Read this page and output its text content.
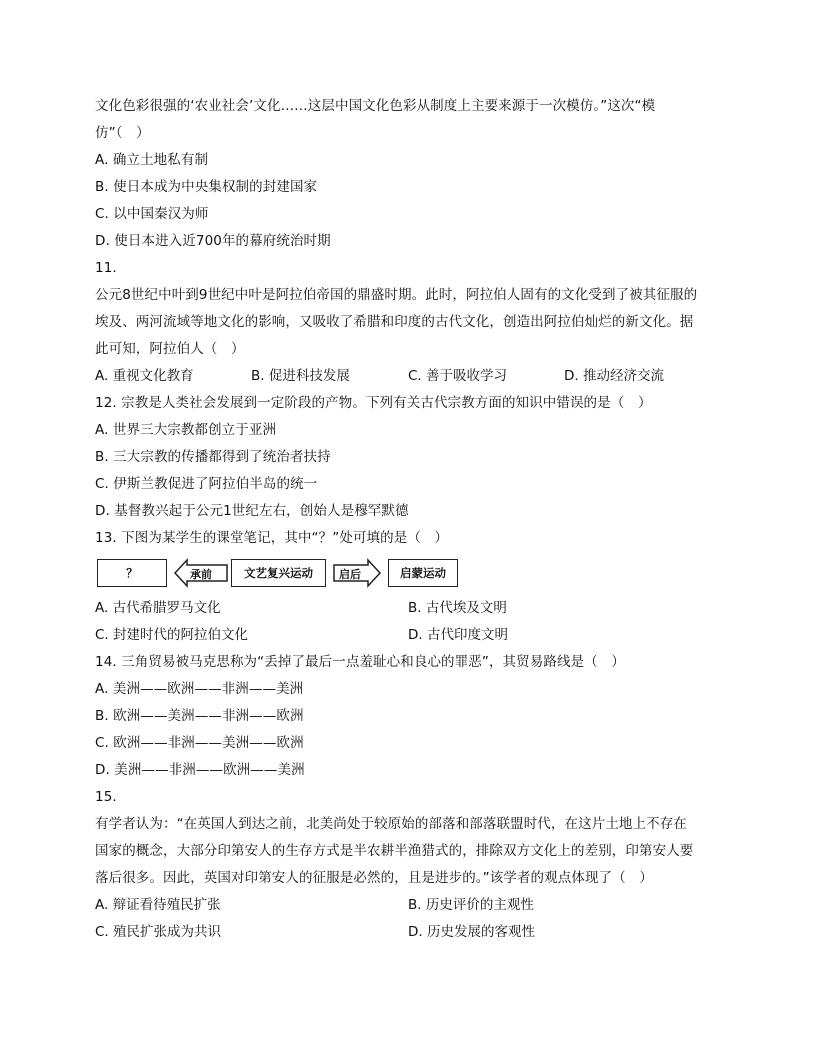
文化色彩很强的‘农业社会’文化……这层中国文化色彩从制度上主要来源于一次模仿。”这次“模
仿”（　）
A. 确立土地私有制
B. 使日本成为中央集权制的封建国家
C. 以中国秦汉为师
D. 使日本进入近700年的幕府统治时期
11.
公元8世纪中叶到9世纪中叶是阿拉伯帝国的鼎盛时期。此时，阿拉伯人固有的文化受到了被其征服的
埃及、两河流域等地文化的影响，又吸收了希腊和印度的古代文化，创造出阿拉伯灿烂的新文化。据
此可知，阿拉伯人（　）
A. 重视文化教育	B. 促进科技发展	C. 善于吸收学习	D. 推动经济交流
12. 宗教是人类社会发展到一定阶段的产物。下列有关古代宗教方面的知识中错误的是（　）
A. 世界三大宗教都创立于亚洲
B. 三大宗教的传播都得到了统治者扶持
C. 伊斯兰教促进了阿拉伯半岛的统一
D. 基督教兴起于公元1世纪左右，创始人是穆罕默德
13. 下图为某学生的课堂笔记，其中“？”处可填的是（　）
？	承前	文艺复兴运动	启后	启蒙运动
A. 古代希腊罗马文化	B. 古代埃及文明
C. 封建时代的阿拉伯文化	D. 古代印度文明
14. 三角贸易被马克思称为“丢掉了最后一点羞耻心和良心的罪恶”，其贸易路线是（　）
A. 美洲——欧洲——非洲——美洲
B. 欧洲——美洲——非洲——欧洲
C. 欧洲——非洲——美洲——欧洲
D. 美洲——非洲——欧洲——美洲
15.
有学者认为：“在英国人到达之前，北美尚处于较原始的部落和部落联盟时代，在这片土地上不存在
国家的概念，大部分印第安人的生存方式是半农耕半渔猎式的，排除双方文化上的差别，印第安人要
落后很多。因此，英国对印第安人的征服是必然的，且是进步的。”该学者的观点体现了（　）
A. 辩证看待殖民扩张	B. 历史评价的主观性
C. 殖民扩张成为共识	D. 历史发展的客观性
